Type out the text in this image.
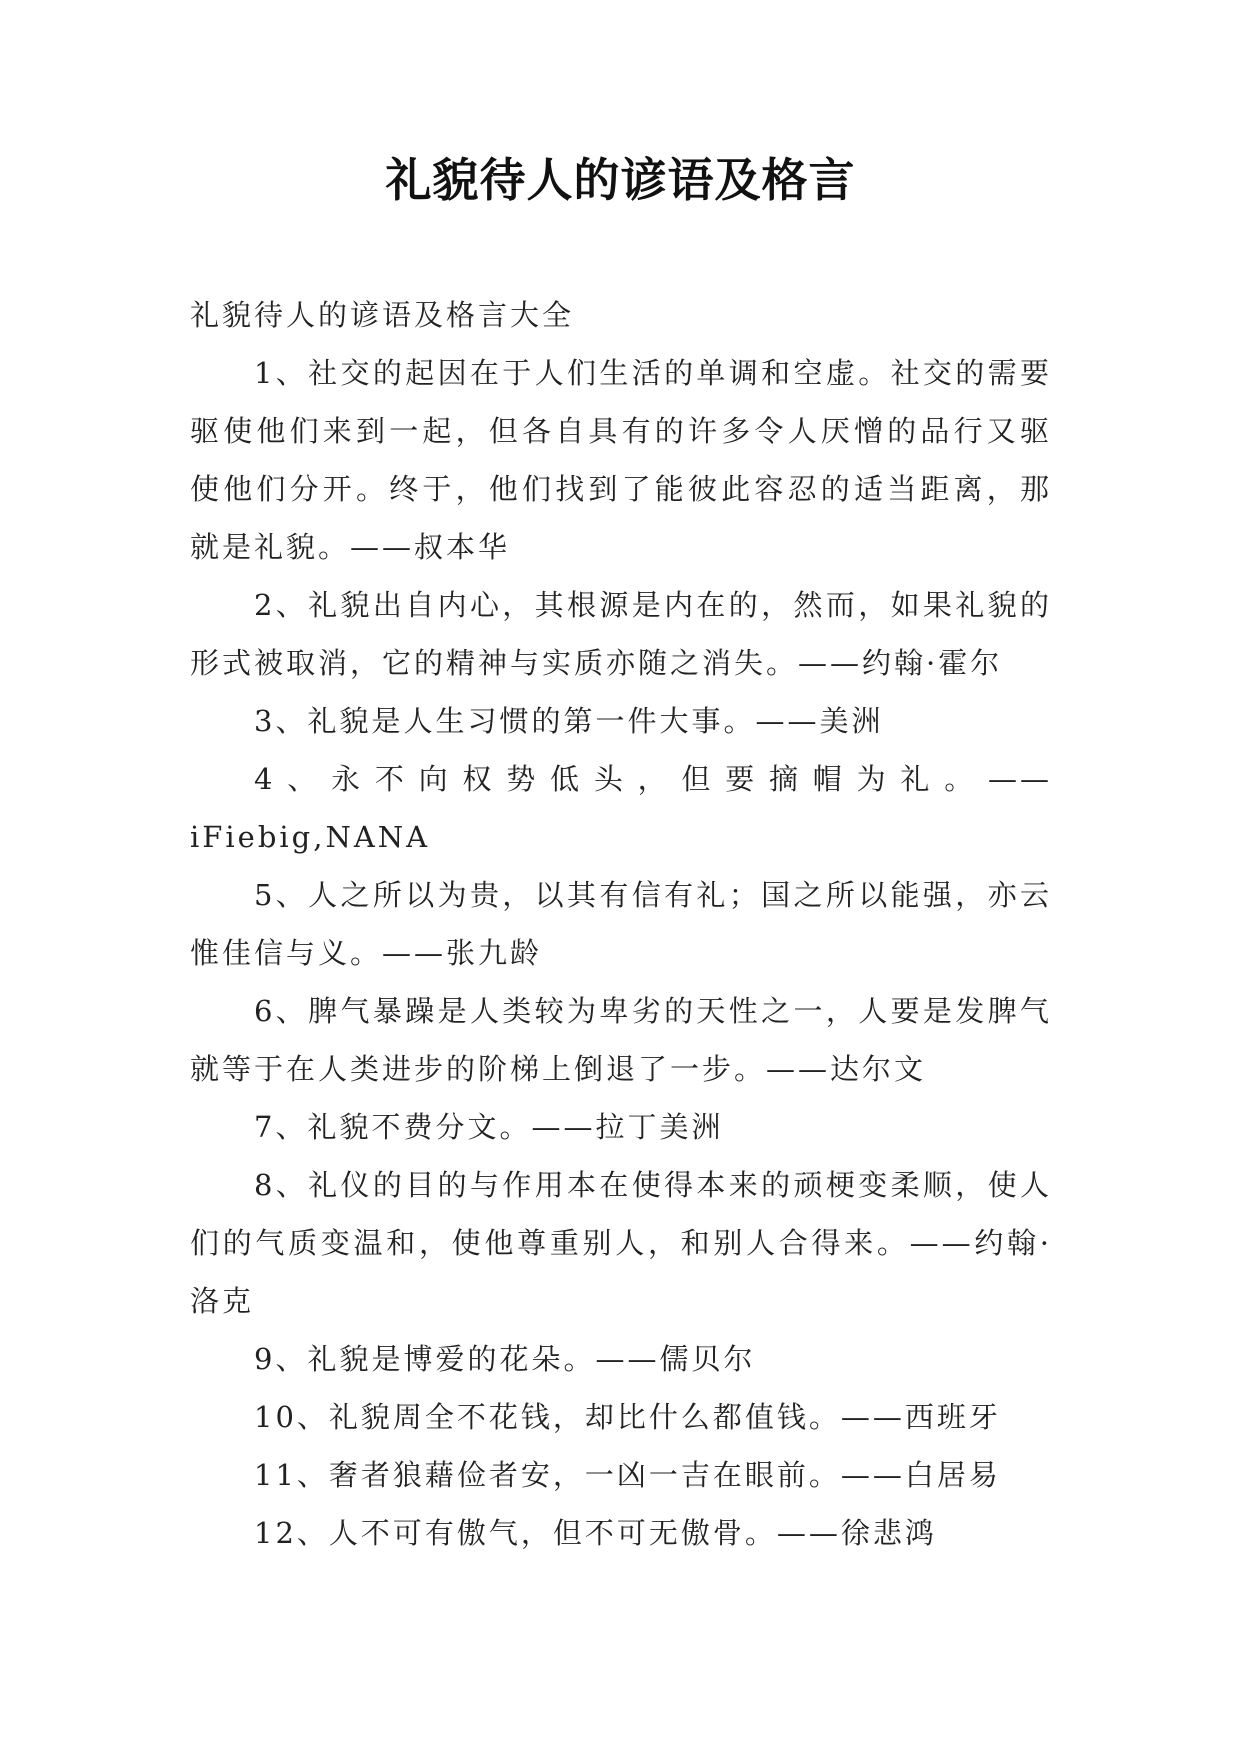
礼貌待人的谚语及格言

礼貌待人的谚语及格言大全

1、社交的起因在于人们生活的单调和空虚。社交的需要驱使他们来到一起，但各自具有的许多令人厌憎的品行又驱使他们分开。终于，他们找到了能彼此容忍的适当距离，那就是礼貌。——叔本华

2、礼貌出自内心，其根源是内在的，然而，如果礼貌的形式被取消，它的精神与实质亦随之消失。——约翰·霍尔

3、礼貌是人生习惯的第一件大事。——美洲

4、永不向权势低头，但要摘帽为礼。——iFiebig,NANA

5、人之所以为贵，以其有信有礼；国之所以能强，亦云惟佳信与义。——张九龄

6、脾气暴躁是人类较为卑劣的天性之一，人要是发脾气就等于在人类进步的阶梯上倒退了一步。——达尔文

7、礼貌不费分文。——拉丁美洲

8、礼仪的目的与作用本在使得本来的顽梗变柔顺，使人们的气质变温和，使他尊重别人，和别人合得来。——约翰·洛克

9、礼貌是博爱的花朵。——儒贝尔

10、礼貌周全不花钱，却比什么都值钱。——西班牙

11、奢者狼藉俭者安，一凶一吉在眼前。——白居易

12、人不可有傲气，但不可无傲骨。——徐悲鸿
